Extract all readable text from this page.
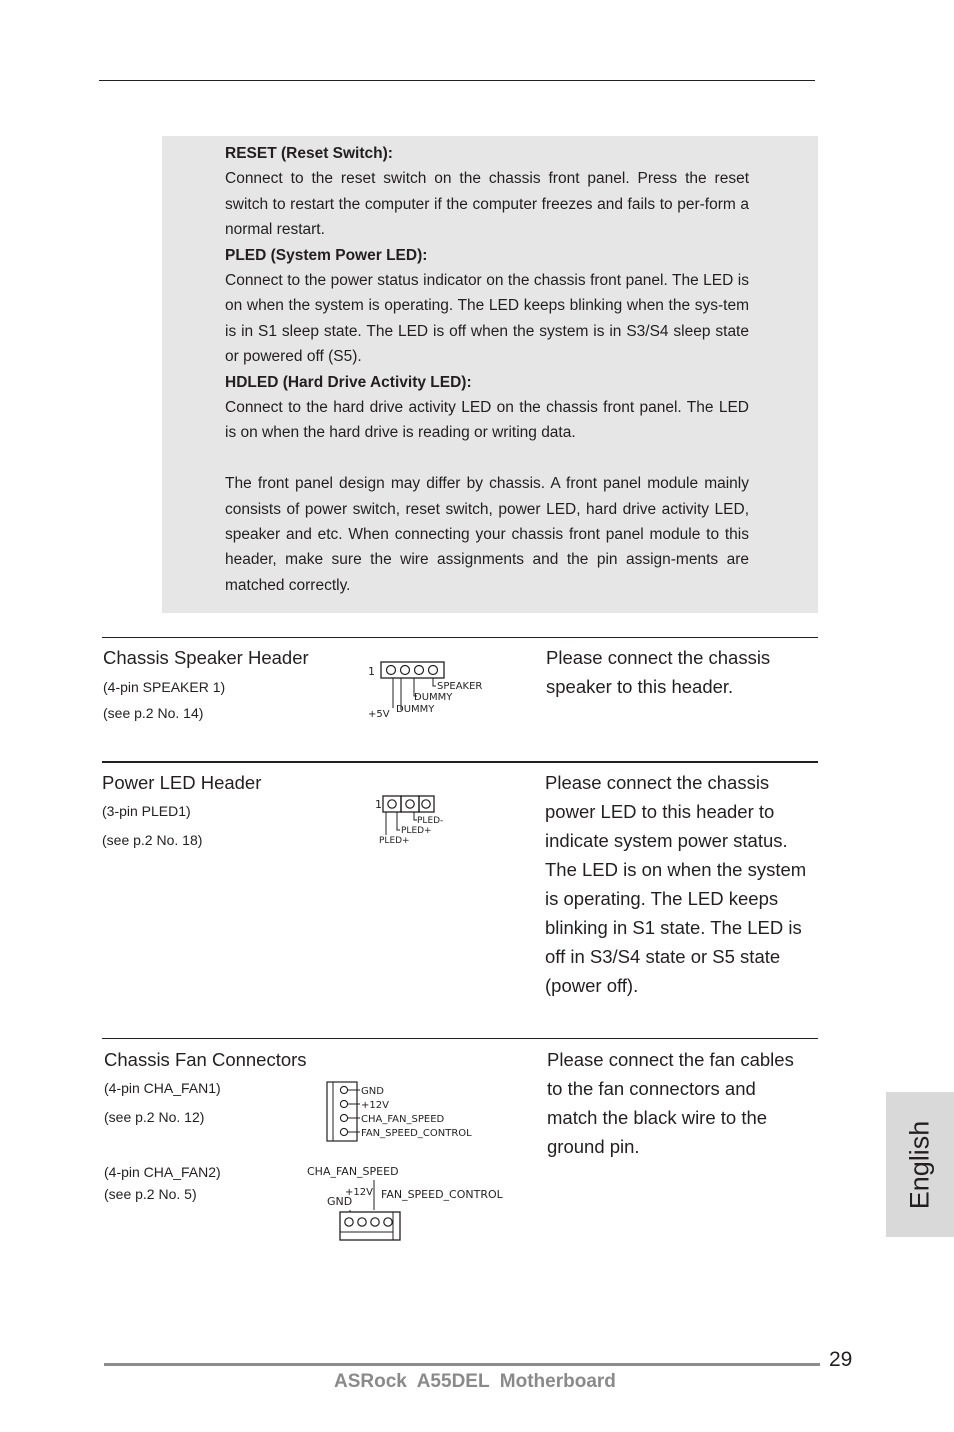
RESET (Reset Switch):

Connect to the reset switch on the chassis front panel. Press the reset switch to restart the computer if the computer freezes and fails to per-form a normal restart.

PLED (System Power LED):

Connect to the power status indicator on the chassis front panel. The LED is on when the system is operating. The LED keeps blinking when the sys-tem is in S1 sleep state. The LED is off when the system is in S3/S4 sleep state or powered off (S5).

HDLED (Hard Drive Activity LED):

Connect to the hard drive activity LED on the chassis front panel. The LED is on when the hard drive is reading or writing data.

The front panel design may differ by chassis. A front panel module mainly consists of power switch, reset switch, power LED, hard drive activity LED, speaker and etc. When connecting your chassis front panel module to this header, make sure the wire assignments and the pin assign-ments are matched correctly.

Chassis Speaker Header
(4-pin SPEAKER 1)
(see p.2 No. 14)
1
SPEAKER
DUMMY
+5V DUMMY
Please connect the chassis
speaker to this header.
Power LED Header
(3-pin PLED1)
(see p.2 No. 18)
1
PLED-
PLED+
PLED+
Please connect the chassis
power LED to this header to
indicate system power status.
The LED is on when the system
is operating. The LED keeps
blinking in S1 state. The LED is
off in S3/S4 state or S5 state
(power off).
Chassis Fan Connectors
(4-pin CHA_FAN1)
(see p.2 No. 12)
(4-pin CHA_FAN2)
(see p.2 No. 5)
GND
+12V
CHA_FAN_SPEED
FAN_SPEED_CONTROL
CHA_FAN_SPEED
+12V FAN_SPEED_CONTROL
GND
Please connect the fan cables
to the fan connectors and
match the black wire to the
ground pin.	English
29
ASRock  A55DEL  Motherboard
